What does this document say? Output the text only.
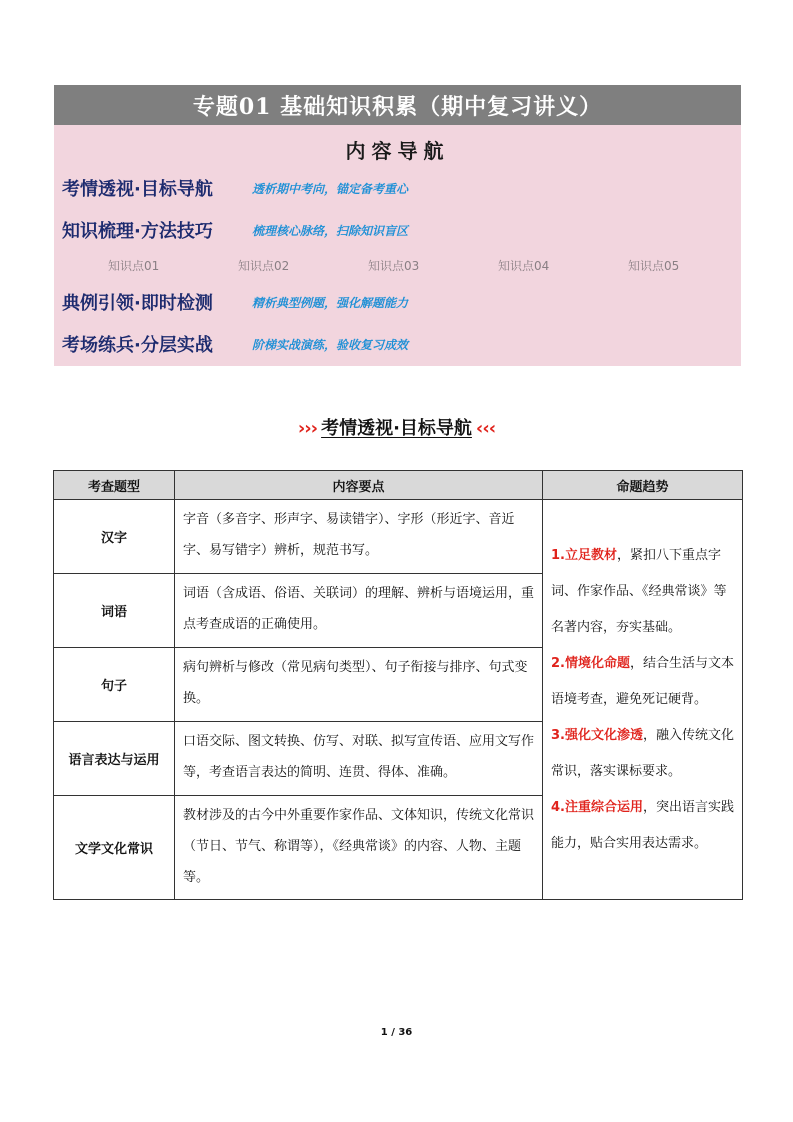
专题01 基础知识积累（期中复习讲义）
内容导航
考情透视·目标导航	透析期中考向，锚定备考重心
知识梳理·方法技巧	梳理核心脉络，扫除知识盲区
知识点01	知识点02	知识点03	知识点04	知识点05
典例引领·即时检测	精析典型例题，强化解题能力
考场练兵·分层实战	阶梯实战演练，验收复习成效
››› 考情透视·目标导航 ‹‹‹
考查题型	内容要点	命题趋势
汉字	字音（多音字、形声字、易读错字）、字形（形近字、音近字、易写错字）辨析，规范书写。	1.立足教材，紧扣八下重点字词、作家作品、《经典常谈》等名著内容，夯实基础。
2.情境化命题，结合生活与文本语境考查，避免死记硬背。
3.强化文化渗透，融入传统文化常识，落实课标要求。
4.注重综合运用，突出语言实践能力，贴合实用表达需求。

词语	词语（含成语、俗语、关联词）的理解、辨析与语境运用，重点考查成语的正确使用。	
句子	病句辨析与修改（常见病句类型）、句子衔接与排序、句式变换。	
语言表达与运用	口语交际、图文转换、仿写、对联、拟写宣传语、应用文写作等，考查语言表达的简明、连贯、得体、准确。	
文学文化常识	教材涉及的古今中外重要作家作品、文体知识，传统文化常识（节日、节气、称谓等），《经典常谈》的内容、人物、主题等。	
1 / 36
